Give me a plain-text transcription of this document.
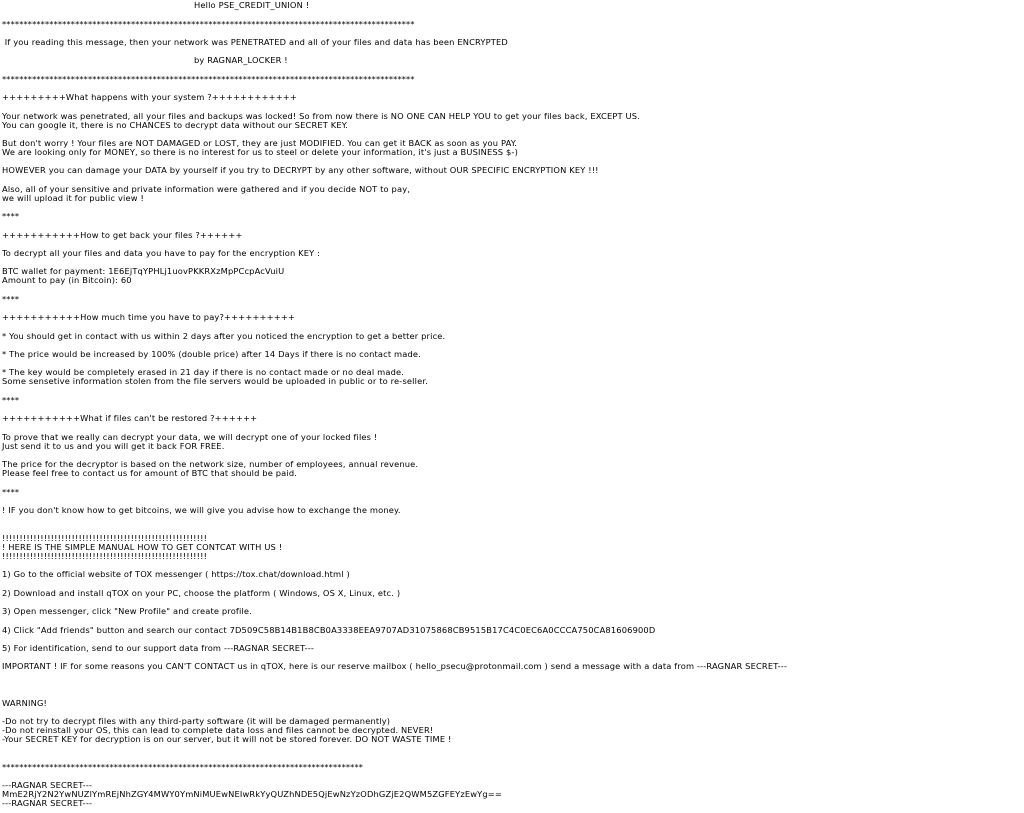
Hello PSE_CREDIT_UNION !
************************************************************************************************
If you reading this message, then your network was PENETRATED and all of your files and data has been ENCRYPTED
by RAGNAR_LOCKER !
************************************************************************************************
+++++++++What happens with your system ?++++++++++++
Your network was penetrated, all your files and backups was locked! So from now there is NO ONE CAN HELP YOU to get your files back, EXCEPT US.
You can google it, there is no CHANCES to decrypt data without our SECRET KEY.
But don't worry ! Your files are NOT DAMAGED or LOST, they are just MODIFIED. You can get it BACK as soon as you PAY.
We are looking only for MONEY, so there is no interest for us to steel or delete your information, it's just a BUSINESS $-)
HOWEVER you can damage your DATA by yourself if you try to DECRYPT by any other software, without OUR SPECIFIC ENCRYPTION KEY !!!
Also, all of your sensitive and private information were gathered and if you decide NOT to pay,
we will upload it for public view !
****
+++++++++++How to get back your files ?++++++
To decrypt all your files and data you have to pay for the encryption KEY :
BTC wallet for payment: 1E6EjTqYPHLj1uovPKKRXzMpPCcpAcVuiU
Amount to pay (in Bitcoin): 60
****
+++++++++++How much time you have to pay?++++++++++
* You should get in contact with us within 2 days after you noticed the encryption to get a better price.
* The price would be increased by 100% (double price) after 14 Days if there is no contact made.
* The key would be completely erased in 21 day if there is no contact made or no deal made.
Some sensetive information stolen from the file servers would be uploaded in public or to re-seller.
****
+++++++++++What if files can't be restored ?++++++
To prove that we really can decrypt your data, we will decrypt one of your locked files !
Just send it to us and you will get it back FOR FREE.
The price for the decryptor is based on the network size, number of employees, annual revenue.
Please feel free to contact us for amount of BTC that should be paid.
****
! IF you don't know how to get bitcoins, we will give you advise how to exchange the money.
!!!!!!!!!!!!!!!!!!!!!!!!!!!!!!!!!!!!!!!!!!!!!!!!!!!!!!!!!!!
! HERE IS THE SIMPLE MANUAL HOW TO GET CONTCAT WITH US !
!!!!!!!!!!!!!!!!!!!!!!!!!!!!!!!!!!!!!!!!!!!!!!!!!!!!!!!!!!!
1) Go to the official website of TOX messenger ( https://tox.chat/download.html )
2) Download and install qTOX on your PC, choose the platform ( Windows, OS X, Linux, etc. )
3) Open messenger, click "New Profile" and create profile.
4) Click "Add friends" button and search our contact 7D509C58B14B1B8CB0A3338EEA9707AD31075868CB9515B17C4C0EC6A0CCCA750CA81606900D
5) For identification, send to our support data from ---RAGNAR SECRET---
IMPORTANT ! IF for some reasons you CAN'T CONTACT us in qTOX, here is our reserve mailbox ( hello_psecu@protonmail.com ) send a message with a data from ---RAGNAR SECRET---
WARNING!
-Do not try to decrypt files with any third-party software (it will be damaged permanently)
-Do not reinstall your OS, this can lead to complete data loss and files cannot be decrypted. NEVER!
-Your SECRET KEY for decryption is on our server, but it will not be stored forever. DO NOT WASTE TIME !
************************************************************************************
---RAGNAR SECRET---
MmE2RjY2N2YwNUZlYmREjNhZGY4MWY0YmNiMUEwNEIwRkYyQUZhNDE5QjEwNzYzODhGZjE2QWM5ZGFEYzEwYg==
---RAGNAR SECRET---
